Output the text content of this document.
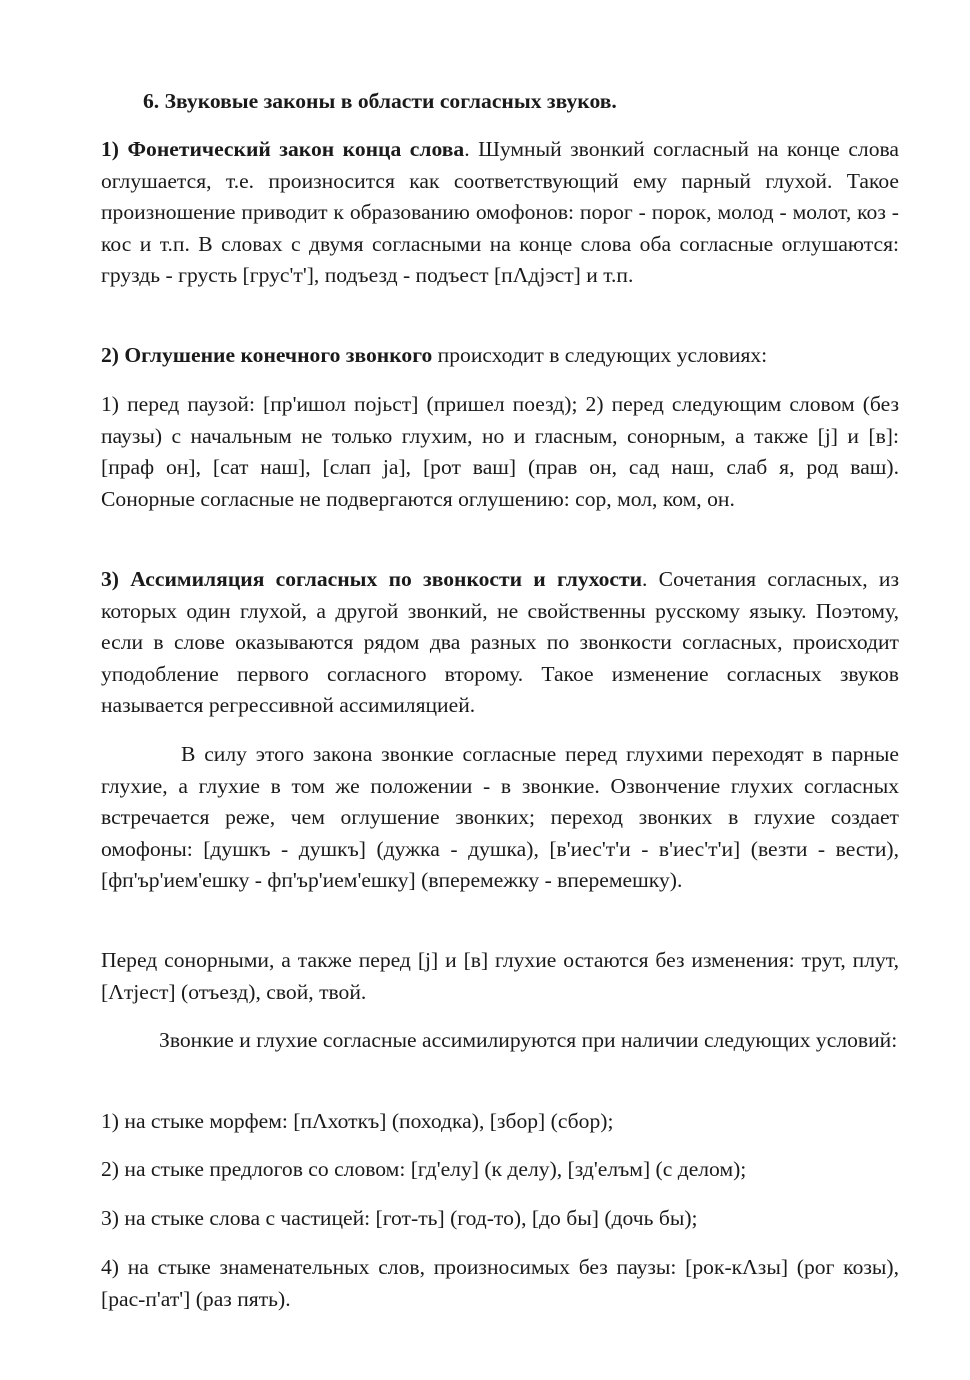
6. Звуковые законы в области согласных звуков.

1) Фонетический закон конца слова. Шумный звонкий согласный на конце слова оглушается, т.е. произносится как соответствующий ему парный глухой. Такое произношение приводит к образованию омофонов: порог - порок, молод - молот, коз - кос и т.п. В словах с двумя согласными на конце слова оба согласные оглушаются: груздь - грусть [грус'т'], подъезд - подъест [пΛдјэст] и т.п.

2) Оглушение конечного звонкого происходит в следующих условиях:

1) перед паузой: [пр'ишол појьст] (пришел поезд); 2) перед следующим словом (без паузы) с начальным не только глухим, но и гласным, сонорным, а также [j] и [в]: [праф он], [сат наш], [слап ja], [рот ваш] (прав он, сад наш, слаб я, род ваш). Сонорные согласные не подвергаются оглушению: сор, мол, ком, он.

3) Ассимиляция согласных по звонкости и глухости. Сочетания согласных, из которых один глухой, а другой звонкий, не свойственны русскому языку. Поэтому, если в слове оказываются рядом два разных по звонкости согласных, происходит уподобление первого согласного второму. Такое изменение согласных звуков называется регрессивной ассимиляцией.

В силу этого закона звонкие согласные перед глухими переходят в парные глухие, а глухие в том же положении - в звонкие. Озвончение глухих согласных встречается реже, чем оглушение звонких; переход звонких в глухие создает омофоны: [душкъ - душкъ] (дужка - душка), [в'иес'т'и - в'иес'т'и] (везти - вести), [фп'ър'ием'ешку - фп'ър'ием'ешку] (вперемежку - вперемешку).

Перед сонорными, а также перед [j] и [в] глухие остаются без изменения: трут, плут, [Λтјест] (отъезд), свой, твой.

Звонкие и глухие согласные ассимилируются при наличии следующих условий:

1) на стыке морфем: [пΛхоткъ] (походка), [збор] (сбор);

2) на стыке предлогов со словом: [гд'елу] (к делу), [зд'елъм] (с делом);

3) на стыке слова с частицей: [гот-ть] (год-то), [до бы] (дочь бы);

4) на стыке знаменательных слов, произносимых без паузы: [рок-кΛзы] (рог козы), [рас-п'ат'] (раз пять).
